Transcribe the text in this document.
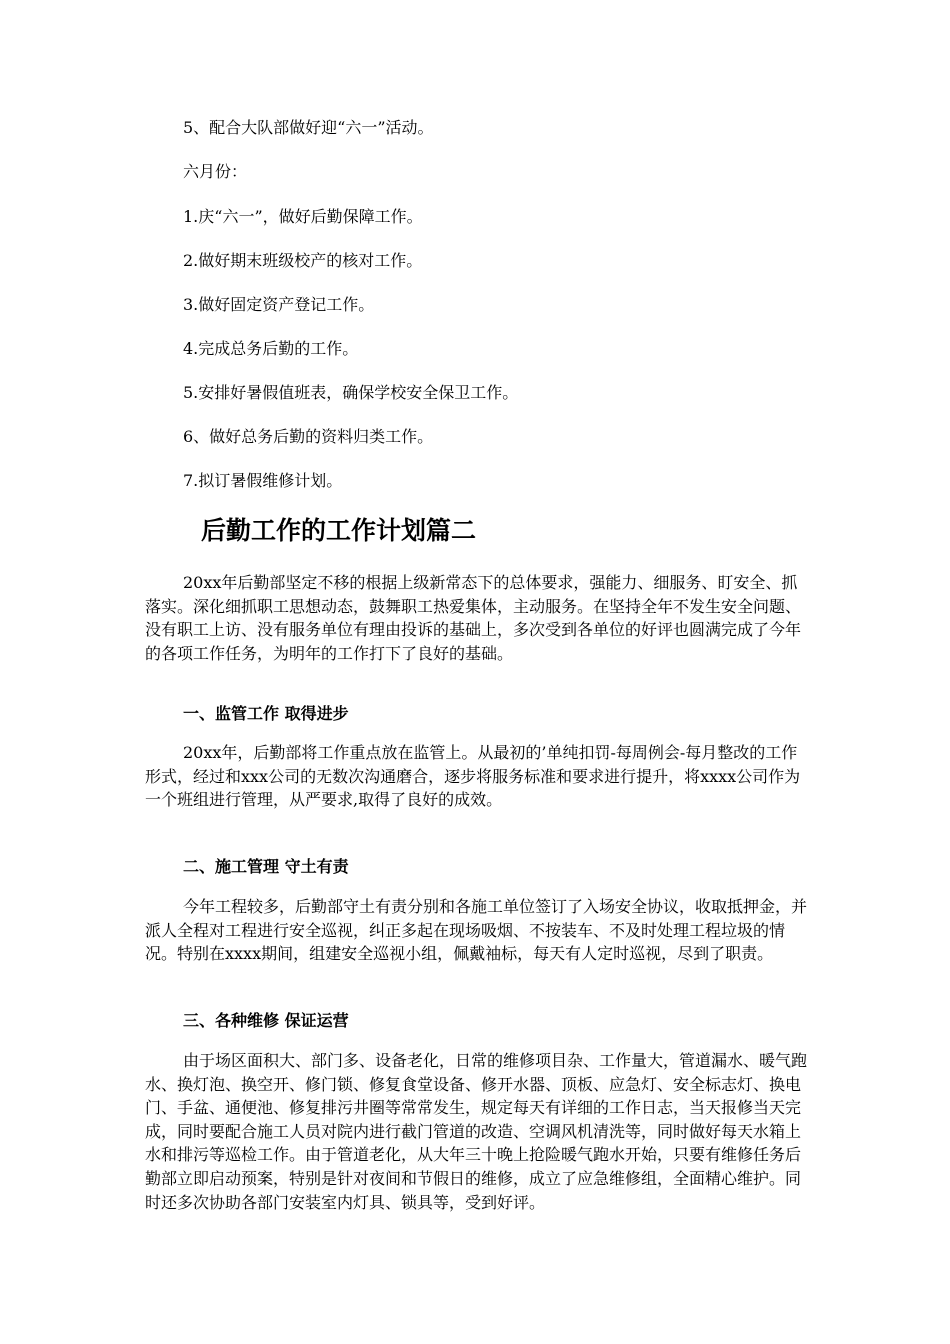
5、配合大队部做好迎“六一”活动。
六月份：
1.庆“六一”，做好后勤保障工作。
2.做好期末班级校产的核对工作。
3.做好固定资产登记工作。
4.完成总务后勤的工作。
5.安排好暑假值班表，确保学校安全保卫工作。
6、做好总务后勤的资料归类工作。
7.拟订暑假维修计划。
后勤工作的工作计划篇二

20xx年后勤部坚定不移的根据上级新常态下的总体要求，强能力、细服务、盯安全、抓落实。深化细抓职工思想动态，鼓舞职工热爱集体，主动服务。在坚持全年不发生安全问题、没有职工上访、没有服务单位有理由投诉的基础上，多次受到各单位的好评也圆满完成了今年的各项工作任务，为明年的工作打下了良好的基础。

一、监管工作 取得进步

20xx年，后勤部将工作重点放在监管上。从最初的’单纯扣罚-每周例会-每月整改的工作形式，经过和xxx公司的无数次沟通磨合，逐步将服务标准和要求进行提升，将xxxx公司作为一个班组进行管理，从严要求,取得了良好的成效。

二、施工管理 守土有责

今年工程较多，后勤部守土有责分别和各施工单位签订了入场安全协议，收取抵押金，并派人全程对工程进行安全巡视，纠正多起在现场吸烟、不按装车、不及时处理工程垃圾的情况。特别在xxxx期间，组建安全巡视小组，佩戴袖标，每天有人定时巡视，尽到了职责。

三、各种维修 保证运营

由于场区面积大、部门多、设备老化，日常的维修项目杂、工作量大，管道漏水、暖气跑水、换灯泡、换空开、修门锁、修复食堂设备、修开水器、顶板、应急灯、安全标志灯、换电门、手盆、通便池、修复排污井圈等常常发生，规定每天有详细的工作日志，当天报修当天完成，同时要配合施工人员对院内进行截门管道的改造、空调风机清洗等，同时做好每天水箱上水和排污等巡检工作。由于管道老化，从大年三十晚上抢险暖气跑水开始，只要有维修任务后勤部立即启动预案，特别是针对夜间和节假日的维修，成立了应急维修组，全面精心维护。同时还多次协助各部门安装室内灯具、锁具等，受到好评。
